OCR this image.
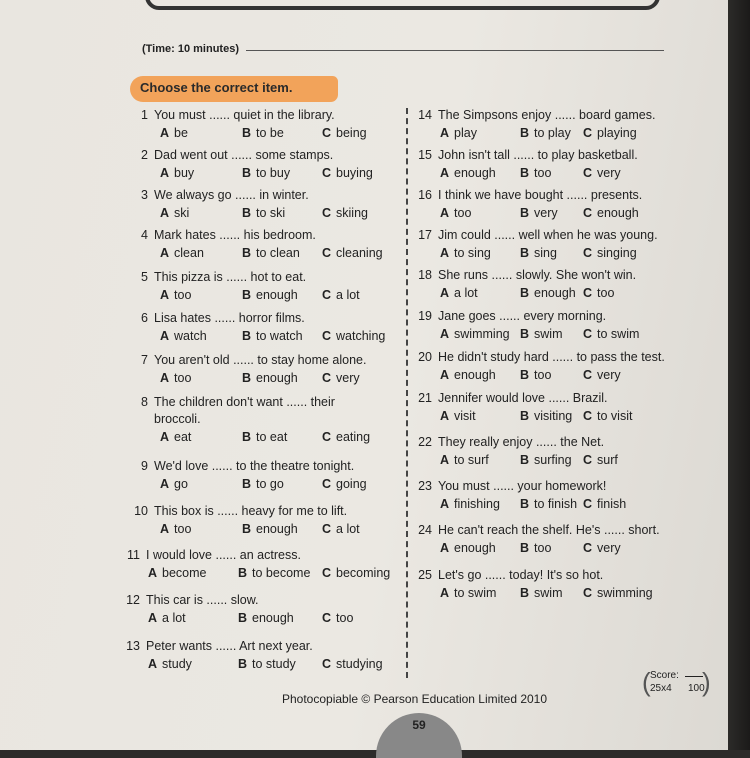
(Time: 10 minutes)
Choose the correct item.
1 You must ...... quiet in the library.
A be	B to be	C being
2 Dad went out ...... some stamps.
A buy	B to buy	C buying
3 We always go ...... in winter.
A ski	B to ski	C skiing
4 Mark hates ...... his bedroom.
A clean	B to clean C cleaning
5 This pizza is ...... hot to eat.
A too	B enough C a lot
6 Lisa hates ...... horror films.
A watch	B to watch C watching
7 You aren't old ...... to stay home alone.
A too	B enough C very
8 The children don't want ...... their
broccoli.
A eat	B to eat	C eating
9 We'd love ...... to the theatre tonight.
A go	B to go	C going
10 This box is ...... heavy for me to lift.
A too	B enough C a lot
11 I would love ...... an actress.
A become	B to become C becoming
12 This car is ...... slow.
A a lot	B enough C too
13 Peter wants ...... Art next year.
A study	B to study C studying
14 The Simpsons enjoy ...... board games.
A play	B to play C playing
15 John isn't tall ...... to play basketball.
A enough B too	C very
16 I think we have bought ...... presents.
A too	B very C enough
17 Jim could ...... well when he was young.
A to sing B sing C singing
18 She runs ...... slowly. She won't win.
A a lot	B enough C too
19 Jane goes ...... every morning.
A swimming B swim C to swim
20 He didn't study hard ...... to pass the test.
A enough B too	C very
21 Jennifer would love ...... Brazil.
A visit	B visiting C to visit
22 They really enjoy ...... the Net.
A to surf B surfing C surf
23 You must ...... your homework!
A finishing B to finish C finish
24 He can't reach the shelf. He's ...... short.
A enough B too	C very
25 Let's go ...... today! It's so hot.
A to swim B swim C swimming
( Score:
25x4 100
)
Photocopiable © Pearson Education Limited 2010
59
